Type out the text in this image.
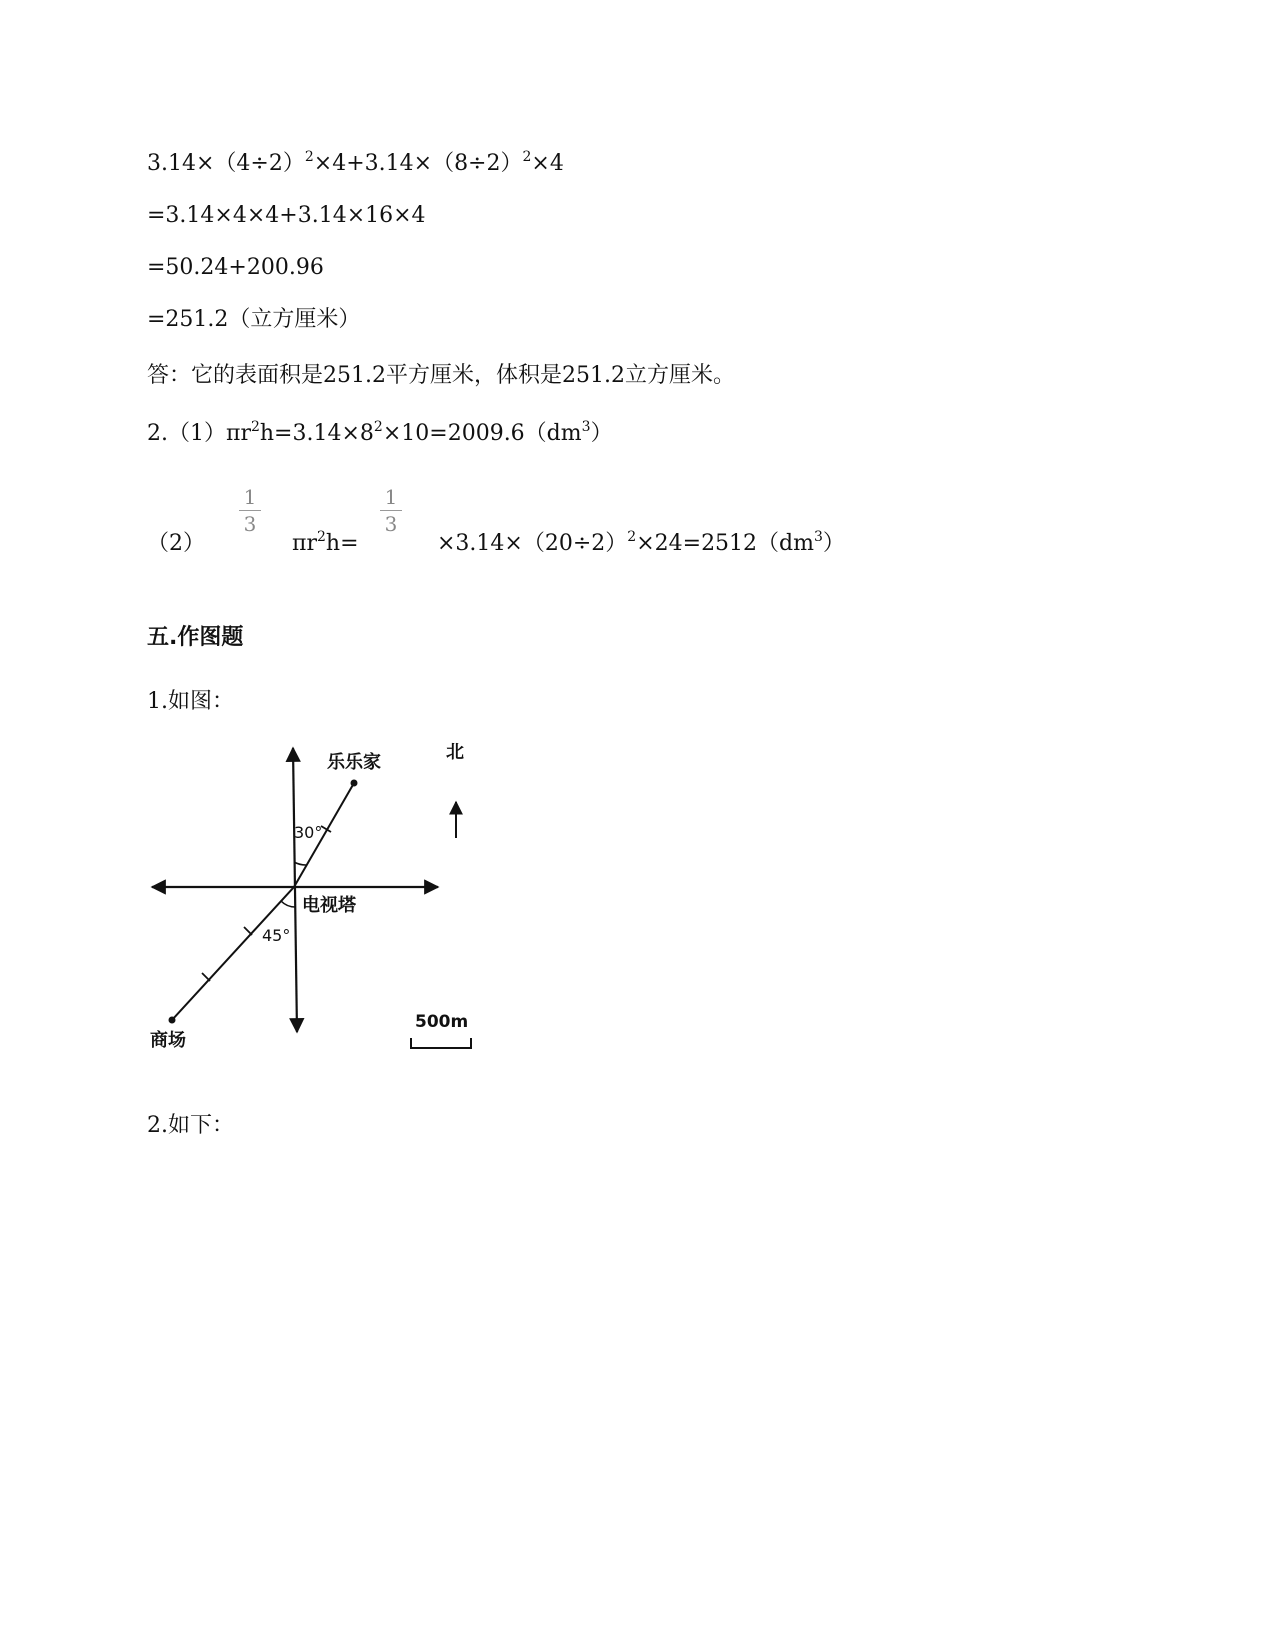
$3.14\times(4\div 2)^2\times 4+3.14\times(8\div 2)^2\times 4$
=3.14×4×4+3.14×16×4
=50.24+200.96
=251.2（立方厘米）
答：它的表面积是251.2平方厘米，体积是251.2立方厘米。
$2.(1)\pi r^2h=3.14\times 8^2\times 10=2009.6(dm^3)$
（2）
1
3
$\pi r^2h=$
1
3
$\times 3.14\times(20\div 2)^2\times 24=2512(dm^3)$
五.作图题
1.如图：
乐乐家	北
30°
电视塔
45°
商场
500m
2.如下：
